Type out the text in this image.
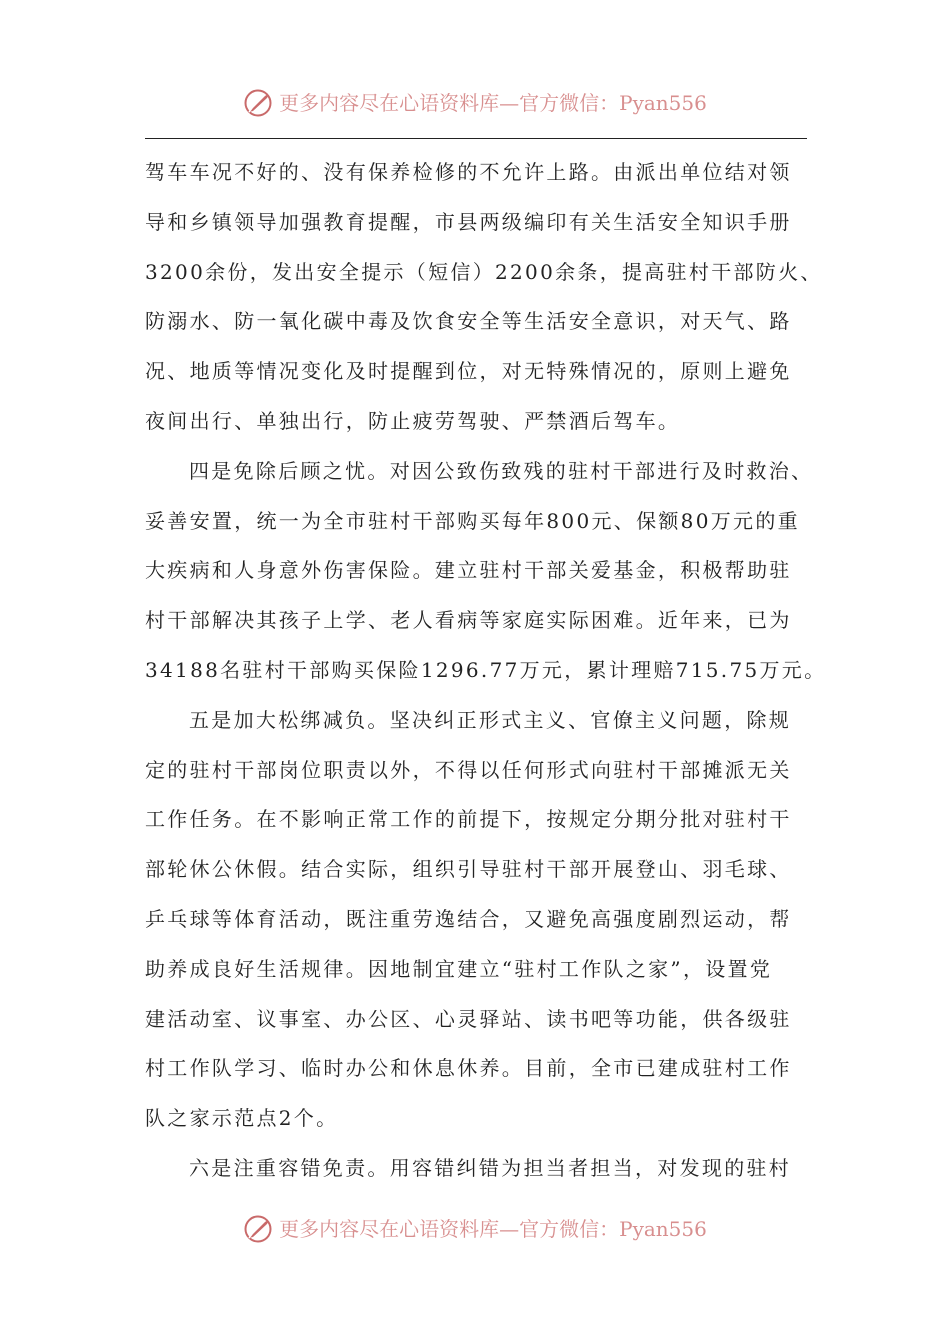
更多内容尽在心语资料库—官方微信：Pyan556
驾车车况不好的、没有保养检修的不允许上路。由派出单位结对领
导和乡镇领导加强教育提醒，市县两级编印有关生活安全知识手册
3200余份，发出安全提示（短信）2200余条，提高驻村干部防火、
防溺水、防一氧化碳中毒及饮食安全等生活安全意识，对天气、路
况、地质等情况变化及时提醒到位，对无特殊情况的，原则上避免
夜间出行、单独出行，防止疲劳驾驶、严禁酒后驾车。
四是免除后顾之忧。对因公致伤致残的驻村干部进行及时救治、
妥善安置，统一为全市驻村干部购买每年800元、保额80万元的重
大疾病和人身意外伤害保险。建立驻村干部关爱基金，积极帮助驻
村干部解决其孩子上学、老人看病等家庭实际困难。近年来，已为
34188名驻村干部购买保险1296.77万元，累计理赔715.75万元。
五是加大松绑减负。坚决纠正形式主义、官僚主义问题，除规
定的驻村干部岗位职责以外，不得以任何形式向驻村干部摊派无关
工作任务。在不影响正常工作的前提下，按规定分期分批对驻村干
部轮休公休假。结合实际，组织引导驻村干部开展登山、羽毛球、
乒乓球等体育活动，既注重劳逸结合，又避免高强度剧烈运动，帮
助养成良好生活规律。因地制宜建立“驻村工作队之家”，设置党
建活动室、议事室、办公区、心灵驿站、读书吧等功能，供各级驻
村工作队学习、临时办公和休息休养。目前，全市已建成驻村工作
队之家示范点2个。
六是注重容错免责。用容错纠错为担当者担当，对发现的驻村
更多内容尽在心语资料库—官方微信：Pyan556
